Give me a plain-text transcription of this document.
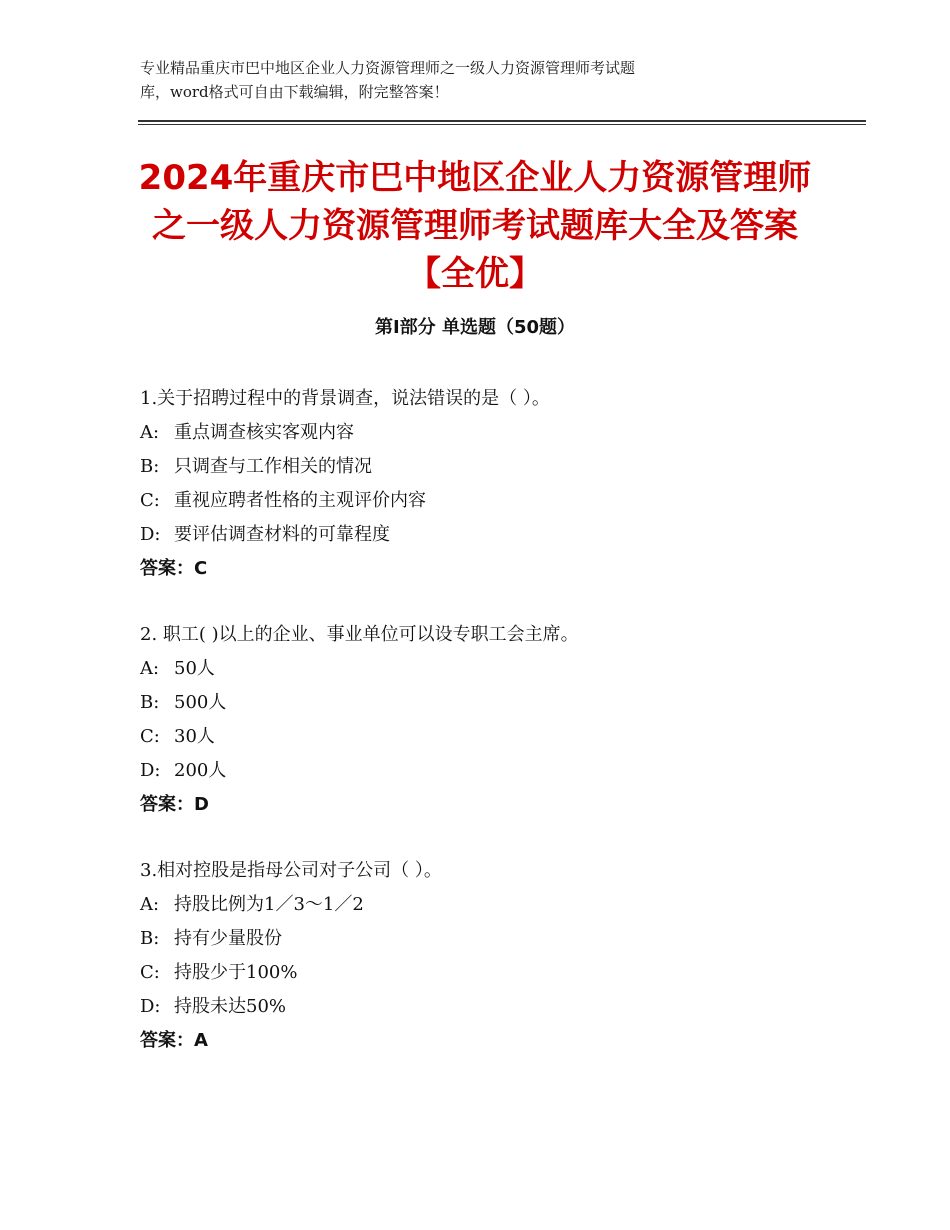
专业精品重庆市巴中地区企业人力资源管理师之一级人力资源管理师考试题
库，word格式可自由下载编辑，附完整答案！
2024年重庆市巴中地区企业人力资源管理师
之一级人力资源管理师考试题库大全及答案
【全优】
第Ⅰ部分 单选题（50题）
1.关于招聘过程中的背景调查，说法错误的是（ ）。
A: 重点调查核实客观内容
B: 只调查与工作相关的情况
C: 重视应聘者性格的主观评价内容
D: 要评估调查材料的可靠程度
答案：C
2. 职工( )以上的企业、事业单位可以设专职工会主席。
A: 50人
B: 500人
C: 30人
D: 200人
答案：D
3.相对控股是指母公司对子公司（ ）。
A: 持股比例为1／3～1／2
B: 持有少量股份
C: 持股少于100%
D: 持股未达50%
答案：A
